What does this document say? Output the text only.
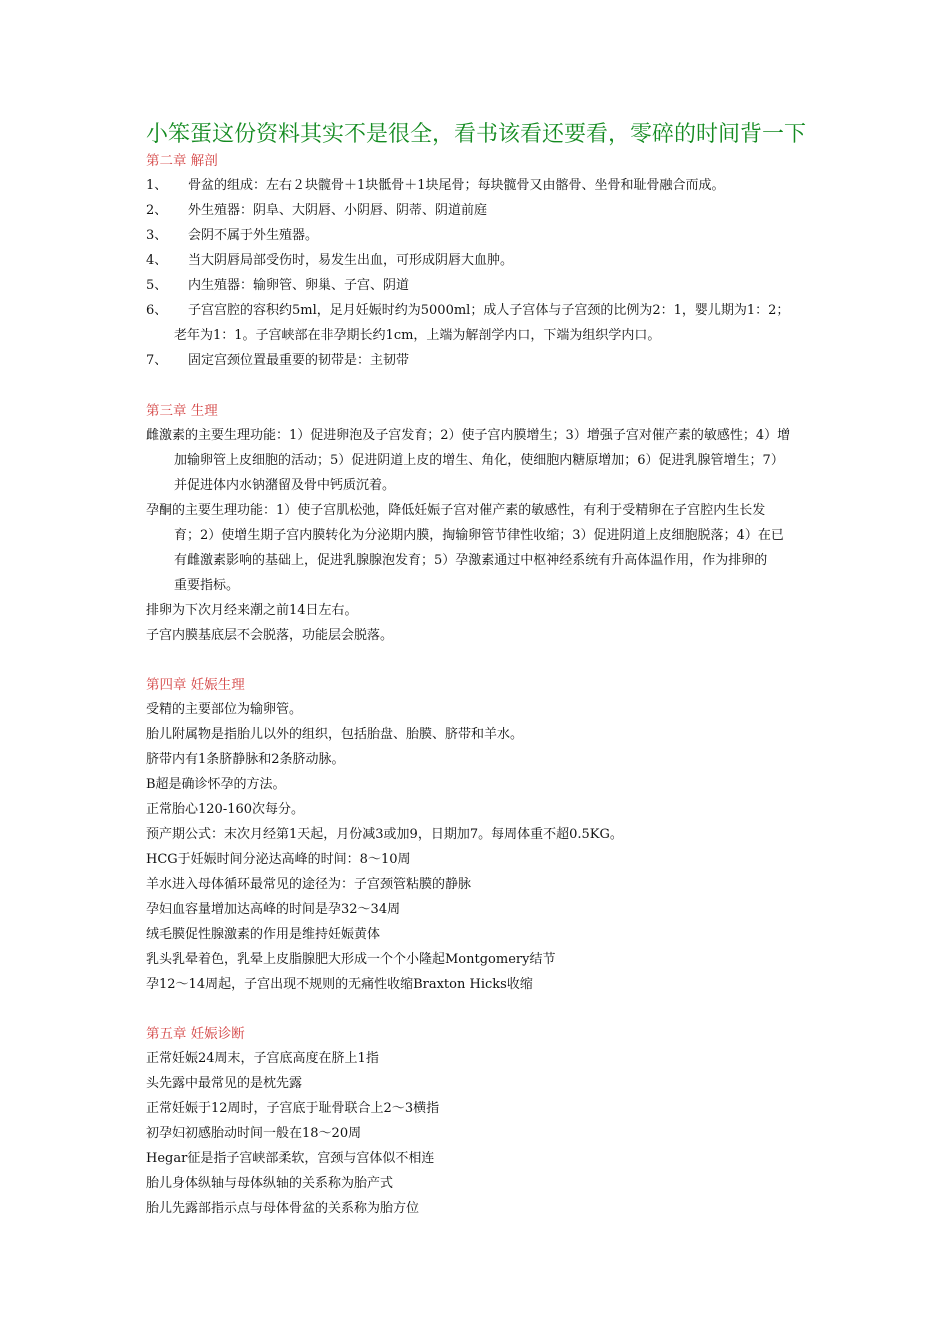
小笨蛋这份资料其实不是很全，看书该看还要看，零碎的时间背一下
第二章 解剖
1、 骨盆的组成：左右２块髋骨＋1块骶骨＋1块尾骨；每块髋骨又由髂骨、坐骨和耻骨融合而成。
2、 外生殖器：阴阜、大阴唇、小阴唇、阴蒂、阴道前庭
3、 会阴不属于外生殖器。
4、 当大阴唇局部受伤时，易发生出血，可形成阴唇大血肿。
5、 内生殖器：输卵管、卵巢、子宫、阴道
6、 子宫宫腔的容积约5ml，足月妊娠时约为5000ml；成人子宫体与子宫颈的比例为2：1，婴儿期为1：2；
老年为1：1。子宫峡部在非孕期长约1cm，上端为解剖学内口，下端为组织学内口。
7、 固定宫颈位置最重要的韧带是：主韧带
第三章 生理
雌激素的主要生理功能：1）促进卵泡及子宫发育；2）使子宫内膜增生；3）增强子宫对催产素的敏感性；4）增
加输卵管上皮细胞的活动；5）促进阴道上皮的增生、角化，使细胞内糖原增加；6）促进乳腺管增生；7）
并促进体内水钠潴留及骨中钙质沉着。
孕酮的主要生理功能：1）使子宫肌松弛，降低妊娠子宫对催产素的敏感性，有利于受精卵在子宫腔内生长发
育；2）使增生期子宫内膜转化为分泌期内膜，掏输卵管节律性收缩；3）促进阴道上皮细胞脱落；4）在已
有雌激素影响的基础上，促进乳腺腺泡发育；5）孕激素通过中枢神经系统有升高体温作用，作为排卵的
重要指标。
排卵为下次月经来潮之前14日左右。
子宫内膜基底层不会脱落，功能层会脱落。
第四章 妊娠生理
受精的主要部位为输卵管。
胎儿附属物是指胎儿以外的组织，包括胎盘、胎膜、脐带和羊水。
脐带内有1条脐静脉和2条脐动脉。
B超是确诊怀孕的方法。
正常胎心120-160次每分。
预产期公式：末次月经第1天起，月份减3或加9，日期加7。每周体重不超0.5KG。
HCG于妊娠时间分泌达高峰的时间：8～10周
羊水进入母体循环最常见的途径为：子宫颈管粘膜的静脉
孕妇血容量增加达高峰的时间是孕32～34周
绒毛膜促性腺激素的作用是维持妊娠黄体
乳头乳晕着色，乳晕上皮脂腺肥大形成一个个小隆起Montgomery结节
孕12～14周起，子宫出现不规则的无痛性收缩Braxton Hicks收缩
第五章 妊娠诊断
正常妊娠24周末，子宫底高度在脐上1指
头先露中最常见的是枕先露
正常妊娠于12周时，子宫底于耻骨联合上2～3横指
初孕妇初感胎动时间一般在18～20周
Hegar征是指子宫峡部柔软，宫颈与宫体似不相连
胎儿身体纵轴与母体纵轴的关系称为胎产式
胎儿先露部指示点与母体骨盆的关系称为胎方位
